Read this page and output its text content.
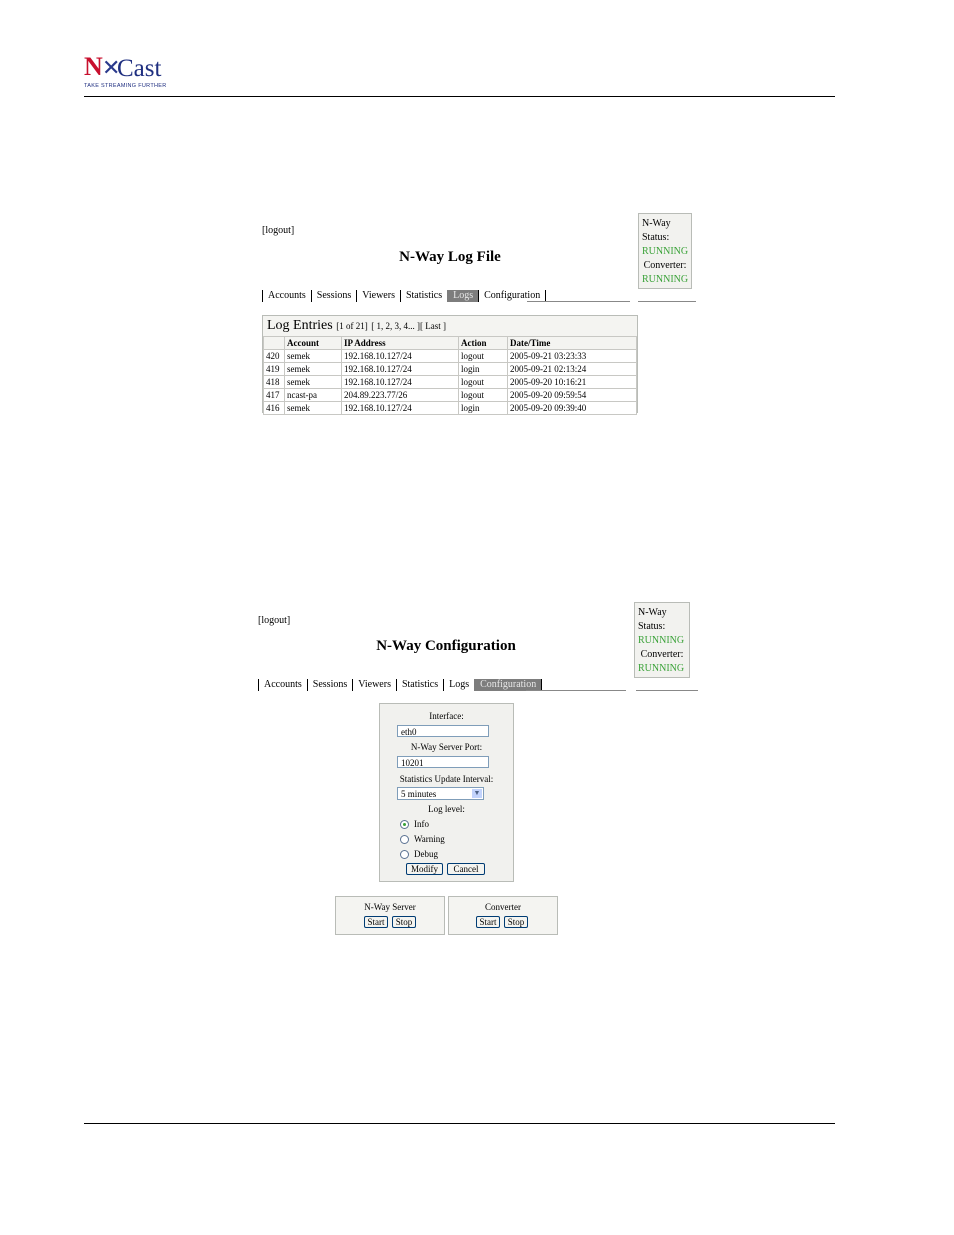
N ✕
Cast
TAKE STREAMING FURTHER
[logout]
N-Way Log File
N-Way
Status:
RUNNING
Converter:
RUNNING
Accounts	Sessions	Viewers	Statistics	Logs	Configuration
Log Entries [1 of 21] [ 1, 2, 3, 4... ][ Last ]
	Account	IP Address	Action	Date/Time
420	semek	192.168.10.127/24	logout	2005-09-21 03:23:33
419	semek	192.168.10.127/24	login	2005-09-21 02:13:24
418	semek	192.168.10.127/24	logout	2005-09-20 10:16:21
417	ncast-pa	204.89.223.77/26	logout	2005-09-20 09:59:54
416	semek	192.168.10.127/24	login	2005-09-20 09:39:40
[logout]
N-Way Configuration
N-Way
Status:
RUNNING
Converter:
RUNNING
Accounts	Sessions	Viewers	Statistics	Logs	Configuration
Interface:
eth0
N-Way Server Port:
10201
Statistics Update Interval:
5 minutes	▼
Log level:
Info
Warning
Debug
Modify	Cancel
N-Way Server
Start	Stop
Converter
Start	Stop
